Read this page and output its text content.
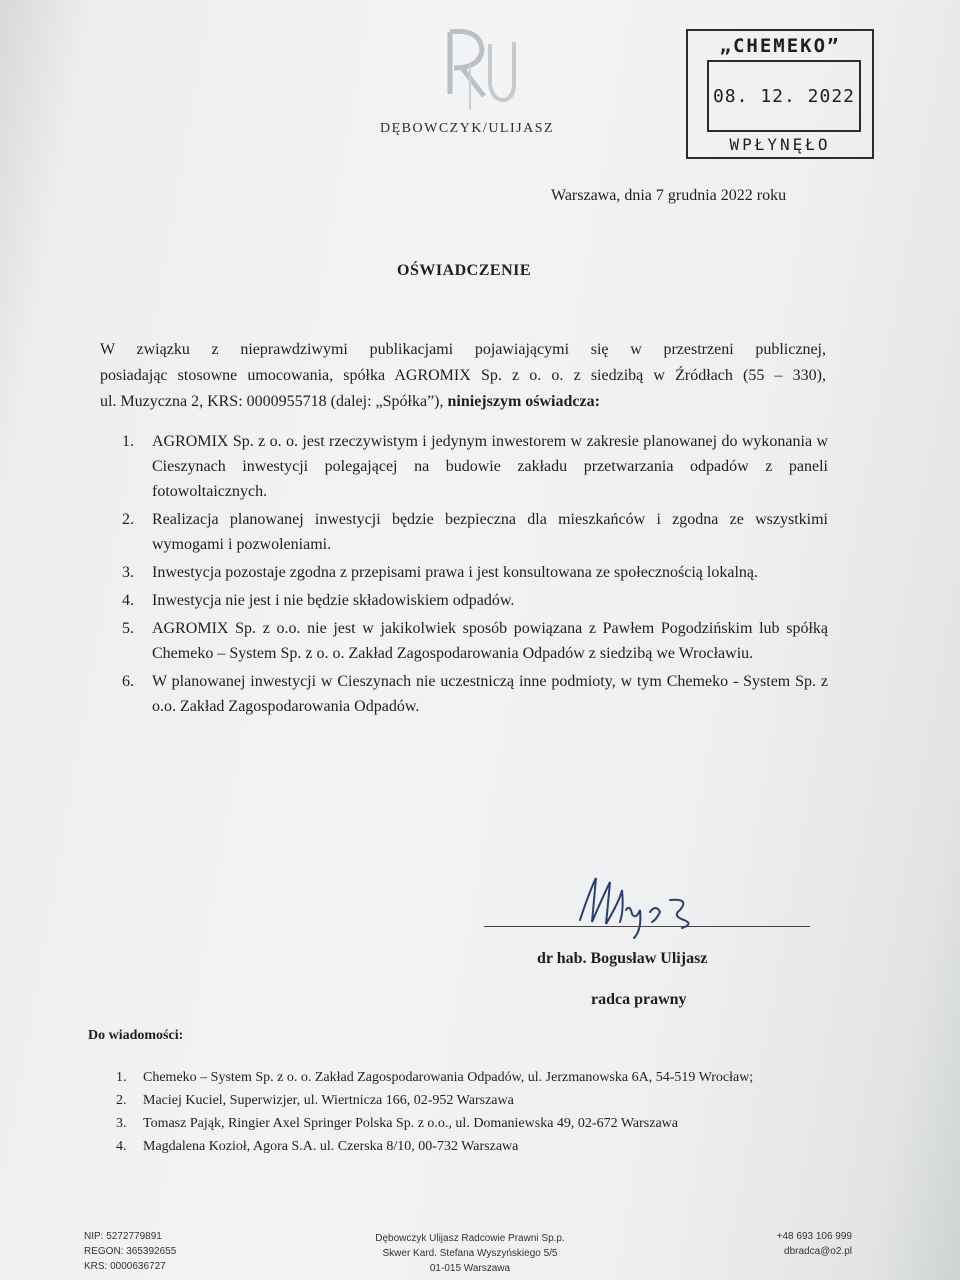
DĘBOWCZYK/ULIJASZ
„CHEMEKO”
08. 12. 2022
WPŁYNĘŁO
Warszawa, dnia 7 grudnia 2022 roku
OŚWIADCZENIE
W związku z nieprawdziwymi publikacjami pojawiającymi się w przestrzeni publicznej,
posiadając stosowne umocowania, spółka AGROMIX Sp. z o. o. z siedzibą w Źródłach (55 – 330),
ul. Muzyczna 2, KRS: 0000955718 (dalej: „Spółka”), niniejszym oświadcza:
1. AGROMIX Sp. z o. o. jest rzeczywistym i jedynym inwestorem w zakresie planowanej do wykonania w Cieszynach inwestycji polegającej na budowie zakładu przetwarzania odpadów z paneli fotowoltaicznych.
2. Realizacja planowanej inwestycji będzie bezpieczna dla mieszkańców i zgodna ze wszystkimi wymogami i pozwoleniami.
3. Inwestycja pozostaje zgodna z przepisami prawa i jest konsultowana ze społecznością lokalną.
4. Inwestycja nie jest i nie będzie składowiskiem odpadów.
5. AGROMIX Sp. z o.o. nie jest w jakikolwiek sposób powiązana z Pawłem Pogodzińskim lub spółką Chemeko – System Sp. z o. o. Zakład Zagospodarowania Odpadów z siedzibą we Wrocławiu.
6. W planowanej inwestycji w Cieszynach nie uczestniczą inne podmioty, w tym Chemeko - System Sp. z o.o. Zakład Zagospodarowania Odpadów.
dr hab. Bogusław Ulijasz
radca prawny
Do wiadomości:
1. Chemeko – System Sp. z o. o. Zakład Zagospodarowania Odpadów, ul. Jerzmanowska 6A, 54-519 Wrocław;
2. Maciej Kuciel, Superwizjer, ul. Wiertnicza 166, 02-952 Warszawa
3. Tomasz Pająk, Ringier Axel Springer Polska Sp. z o.o., ul. Domaniewska 49, 02-672 Warszawa
4. Magdalena Kozioł, Agora S.A. ul. Czerska 8/10, 00-732 Warszawa
NIP: 5272779891
REGON: 365392655
KRS: 0000636727
Dębowczyk Ulijasz Radcowie Prawni Sp.p.
Skwer Kard. Stefana Wyszyńskiego 5/5
01-015 Warszawa
+48 693 106 999
dbradca@o2.pl
